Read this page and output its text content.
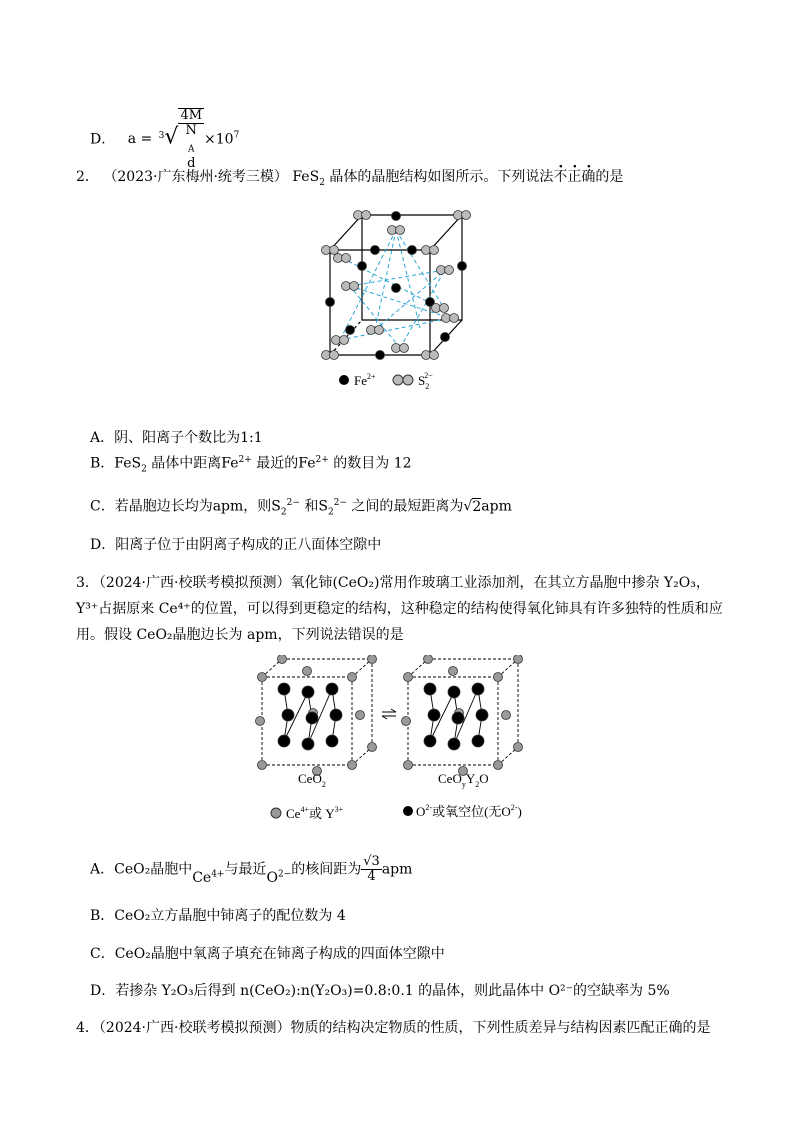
D． a = $^3$√ 4M
N
$_A$
$d \times 10^7$
2． （2023·广东梅州·统考三模） FeS$_2$ 晶体的晶胞结构如图所示。下列说法不正确的是
$Fe^{2+}$	$S_22-$
A．阴、阳离子个数比为1:1
B．FeS$_2$ 晶体中距离$Fe^{2+}$ 最近的$Fe^{2+}$ 的数目为 12
C．若晶胞边长均为apm，则$S_2^{2-}$ 和$S_2^{2-}$ 之间的最短距离为√2apm
D．阳离子位于由阴离子构成的正八面体空隙中
3．（2024·广西·校联考模拟预测）氧化铈(CeO₂)常用作玻璃工业添加剂，在其立方晶胞中掺杂 Y₂O₃，
Y³⁺占据原来 Ce⁴⁺的位置，可以得到更稳定的结构，这种稳定的结构使得氧化铈具有许多独特的性质和应
用。假设 CeO₂晶胞边长为 apm，下列说法错误的是
CeO$_2$	$CeO_yY_2O$
$Ce^{4+}$或 $Y^{3+}$	$O^{2-}$或氧空位(无$O^{2-}$)
A．CeO₂晶胞中$Ce^{4+}$与最近$O^{2-}$的核间距为 $\frac{√3}{4}$ apm
B．CeO₂立方晶胞中铈离子的配位数为 4
C．CeO₂晶胞中氧离子填充在铈离子构成的四面体空隙中
D．若掺杂 Y₂O₃后得到 n(CeO₂):n(Y₂O₃)=0.8:0.1 的晶体，则此晶体中 O²⁻的空缺率为 5%
4．（2024·广西·校联考模拟预测）物质的结构决定物质的性质，下列性质差异与结构因素匹配正确的是
